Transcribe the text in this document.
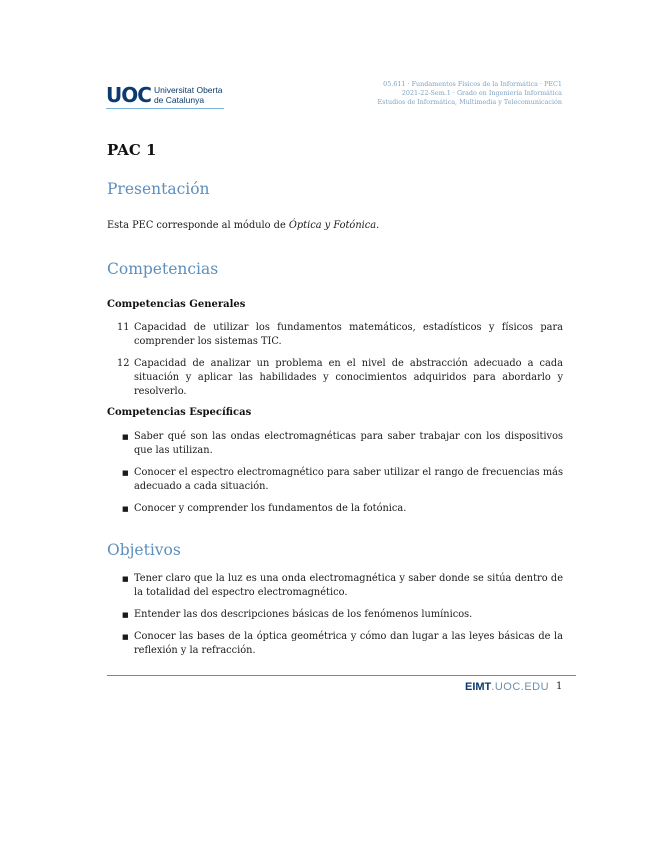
UOC Universitat Oberta
de Catalunya
05.611 · Fundamentos Físicos de la Informática · PEC1
2021-22-Sem.1 · Grado en Ingeniería Informática
Estudios de Informática, Multimedia y Telecomunicación
PAC 1
Presentación

Esta PEC corresponde al módulo de Óptica y Fotónica.

Competencias
Competencias Generales
11 Capacidad de utilizar los fundamentos matemáticos, estadísticos y físicos para comprender los sistemas TIC.
12 Capacidad de analizar un problema en el nivel de abstracción adecuado a cada situación y aplicar las habilidades y conocimientos adquiridos para abordarlo y resolverlo.
Competencias Específicas
■ Saber qué son las ondas electromagnéticas para saber trabajar con los dispositivos que las utilizan.
■ Conocer el espectro electromagnético para saber utilizar el rango de frecuencias más adecuado a cada situación.
■ Conocer y comprender los fundamentos de la fotónica.
Objetivos
■ Tener claro que la luz es una onda electromagnética y saber donde se sitúa dentro de la totalidad del espectro electromagnético.
■ Entender las dos descripciones básicas de los fenómenos lumínicos.
■ Conocer las bases de la óptica geométrica y cómo dan lugar a las leyes básicas de la reflexión y la refracción.
EIMT.UOC.EDU 1
